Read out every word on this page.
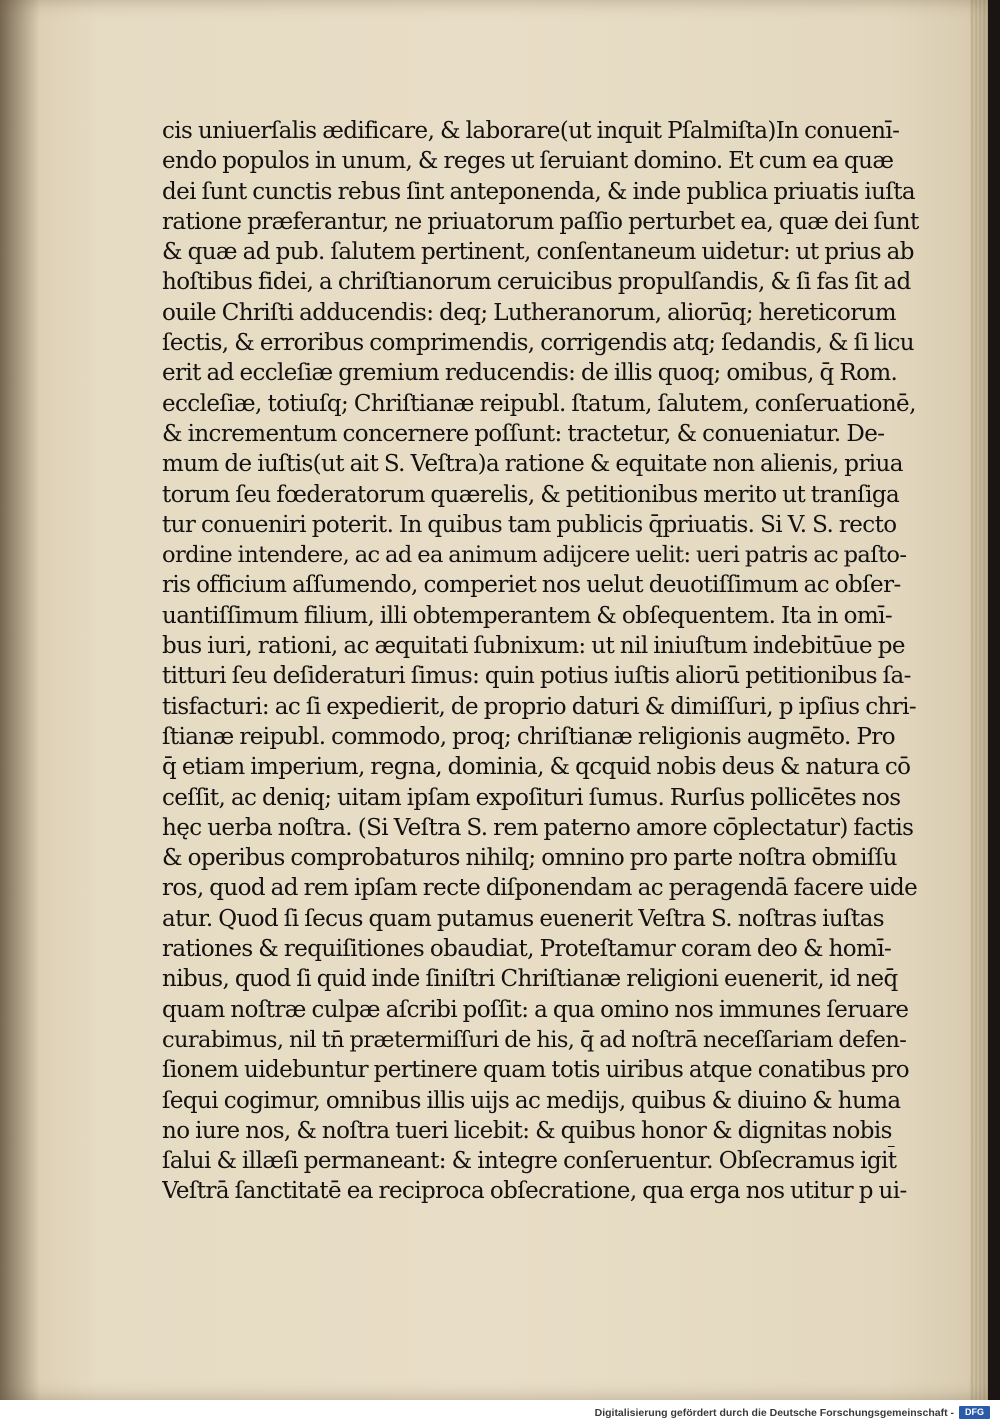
cis uniuerſalis ædificare, & laborare(ut inquit Pſalmiſta)In conuenī-
endo populos in unum, & reges ut ſeruiant domino. Et cum ea quæ
dei ſunt cunctis rebus ſint anteponenda, & inde publica priuatis iuſta
ratione præferantur, ne priuatorum paſſio perturbet ea, quæ dei ſunt
& quæ ad pub. ſalutem pertinent, conſentaneum uidetur: ut prius ab
hoſtibus fidei, a chriſtianorum ceruicibus propulſandis, & ſi fas ſit ad
ouile Chriſti adducendis: deq; Lutheranorum, aliorūq; hereticorum
ſectis, & erroribus comprimendis, corrigendis atq; ſedandis, & ſi licu
erit ad eccleſiæ gremium reducendis: de illis quoq; omibus, q̄ Rom.
eccleſiæ, totiuſq; Chriſtianæ reipubl. ſtatum, ſalutem, conſeruationē,
& incrementum concernere poſſunt: tractetur, & conueniatur. De-
mum de iuſtis(ut ait S. Veſtra)a ratione & equitate non alienis, priua
torum ſeu fœderatorum quærelis, & petitionibus merito ut tranſiga
tur conueniri poterit. In quibus tam publicis q̄priuatis. Si V. S. recto
ordine intendere, ac ad ea animum adijcere uelit: ueri patris ac paſto-
ris officium aſſumendo, comperiet nos uelut deuotiſſimum ac obſer-
uantiſſimum filium, illi obtemperantem & obſequentem. Ita in omī-
bus iuri, rationi, ac æquitati ſubnixum: ut nil iniuſtum indebitūue pe
titturi ſeu deſideraturi ſimus: quin potius iuſtis aliorū petitionibus ſa-
tisfacturi: ac ſi expedierit, de proprio daturi & dimiſſuri, p ipſius chri-
ſtianæ reipubl. commodo, proq; chriſtianæ religionis augmēto. Pro
q̄ etiam imperium, regna, dominia, & qcquid nobis deus & natura cō
ceſſit, ac deniq; uitam ipſam expoſituri ſumus. Rurſus pollicētes nos
hęc uerba noſtra. (Si Veſtra S. rem paterno amore cōplectatur) factis
& operibus comprobaturos nihilq; omnino pro parte noſtra obmiſſu
ros, quod ad rem ipſam recte diſponendam ac peragendā facere uide
atur. Quod ſi ſecus quam putamus euenerit Veſtra S. noſtras iuſtas
rationes & requiſitiones obaudiat, Proteſtamur coram deo & homī-
nibus, quod ſi quid inde ſiniſtri Chriſtianæ religioni euenerit, id neq̄
quam noſtræ culpæ aſcribi poſſit: a qua omino nos immunes ſeruare
curabimus, nil tn̄ prætermiſſuri de his, q̄ ad noſtrā neceſſariam defen-
ſionem uidebuntur pertinere quam totis uiribus atque conatibus pro
ſequi cogimur, omnibus illis uijs ac medijs, quibus & diuino & huma
no iure nos, & noſtra tueri licebit: & quibus honor & dignitas nobis
ſalui & illæſi permaneant: & integre conſeruentur. Obſecramus igit̄
Veſtrā ſanctitatē ea reciproca obſecratione, qua erga nos utitur p ui-
Digitalisierung gefördert durch die Deutsche Forschungsgemeinschaft -	DFG
